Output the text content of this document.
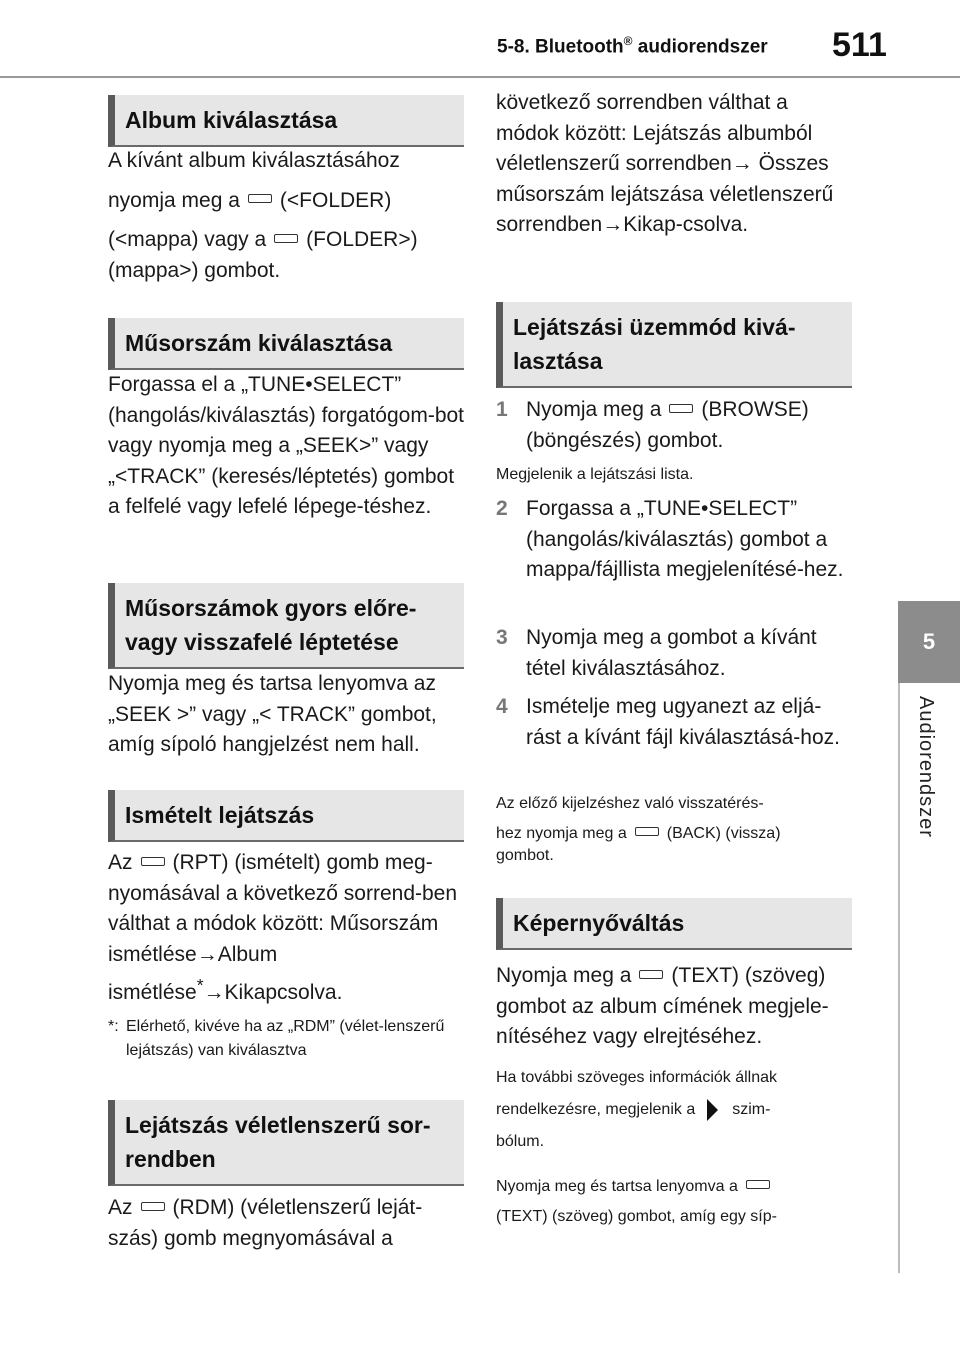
5-8. Bluetooth® audiorendszer 511
5
Audiorendszer
Album kiválasztása
A kívánt album kiválasztásához
nyomja meg a (<FOLDER)
(<mappa) vagy a (FOLDER>)
(mappa>) gombot.
Műsorszám kiválasztása
Forgassa el a „TUNE•SELECT” (hangolás/kiválasztás) forgatógom-bot vagy nyomja meg a „SEEK>” vagy „<TRACK” (keresés/léptetés) gombot a felfelé vagy lefelé lépege-téshez.
Műsorszámok gyors előre- vagy visszafelé léptetése
Nyomja meg és tartsa lenyomva az „SEEK >” vagy „< TRACK” gombot, amíg sípoló hangjelzést nem hall.
Ismételt lejátszás
Az (RPT) (ismételt) gomb meg-
nyomásával a következő sorrend-ben válthat a módok között: Műsorszám ismétlése→Album ismétlése*→Kikapcsolva.
*: Elérhető, kivéve ha az „RDM” (vélet-lenszerű lejátszás) van kiválasztva
Lejátszás véletlenszerű sor-rendben
Az (RDM) (véletlenszerű leját-
szás) gomb megnyomásával a
következő sorrendben válthat a módok között: Lejátszás albumból véletlenszerű sorrendben→ Összes műsorszám lejátszása véletlenszerű sorrendben→Kikap-csolva.
Lejátszási üzemmód kivá-lasztása
1 Nyomja meg a (BROWSE) (böngészés) gombot.
Megjelenik a lejátszási lista.
2 Forgassa a „TUNE•SELECT” (hangolás/kiválasztás) gombot a mappa/fájllista megjelenítésé-hez.
3 Nyomja meg a gombot a kívánt tétel kiválasztásához.
4 Ismételje meg ugyanezt az eljá-rást a kívánt fájl kiválasztásá-hoz.
Az előző kijelzéshez való visszatérés-
hez nyomja meg a	(BACK) (vissza)
gombot.
Képernyőváltás
Nyomja meg a (TEXT) (szöveg)
gombot az album címének megjele-nítéséhez vagy elrejtéséhez.
Ha további szöveges információk állnak
rendelkezésre, megjelenik a szim-
bólum.
Nyomja meg és tartsa lenyomva a
(TEXT) (szöveg) gombot, amíg egy síp-
